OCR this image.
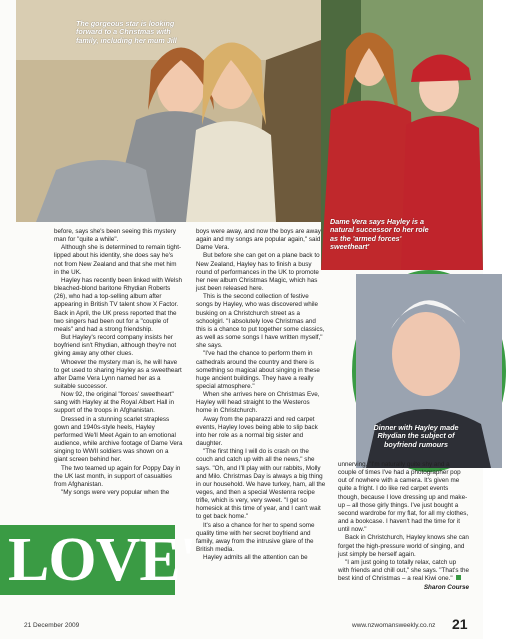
The gorgeous star is looking forward to a Christmas with family, including her mum Jill
Dame Vera says Hayley is a natural successor to her role as the 'armed forces' sweetheart'
Dinner with Hayley made Rhydian the subject of boyfriend rumours

before, says she's been seeing this mystery man for "quite a while".

Although she is determined to remain tight-lipped about his identity, she does say he's not from New Zealand and that she met him in the UK.

Hayley has recently been linked with Welsh bleached-blond baritone Rhydian Roberts (26), who had a top-selling album after appearing in British TV talent show X Factor. Back in April, the UK press reported that the two singers had been out for a "couple of meals" and had a strong friendship.

But Hayley's record company insists her boyfriend isn't Rhydian, although they're not giving away any other clues.

Whoever the mystery man is, he will have to get used to sharing Hayley as a sweetheart after Dame Vera Lynn named her as a suitable successor.

Now 92, the original "forces' sweetheart" sang with Hayley at the Royal Albert Hall in support of the troops in Afghanistan.

Dressed in a stunning scarlet strapless gown and 1940s-style heels, Hayley performed We'll Meet Again to an emotional audience, while archive footage of Dame Vera singing to WWII soldiers was shown on a giant screen behind her.

The two teamed up again for Poppy Day in the UK last month, in support of casualties from Afghanistan.

"My songs were very popular when the

boys were away, and now the boys are away again and my songs are popular again," said Dame Vera.

But before she can get on a plane back to New Zealand, Hayley has to finish a busy round of performances in the UK to promote her new album Christmas Magic, which has just been released here.

This is the second collection of festive songs by Hayley, who was discovered while busking on a Christchurch street as a schoolgirl. "I absolutely love Christmas and this is a chance to put together some classics, as well as some songs I have written myself," she says.

"I've had the chance to perform them in cathedrals around the country and there is something so magical about singing in these huge ancient buildings. They have a really special atmosphere."

When she arrives here on Christmas Eve, Hayley will head straight to the Westeros home in Christchurch.

Away from the paparazzi and red carpet events, Hayley loves being able to slip back into her role as a normal big sister and daughter.

"The first thing I will do is crash on the couch and catch up with all the news," she says. "Oh, and I'll play with our rabbits, Molly and Milo. Christmas Day is always a big thing in our household. We have turkey, ham, all the veges, and then a special Westenra recipe trifle, which is very, very sweet. "I get so homesick at this time of year, and I can't wait to get back home."

It's also a chance for her to spend some quality time with her secret boyfriend and family, away from the intrusive glare of the British media.

Hayley admits all the attention can be

unnerving. "I'm naturally quite shy and a couple of times I've had a photographer pop out of nowhere with a camera. It's given me quite a fright. I do like red carpet events though, because I love dressing up and make-up – all those girly things. I've just bought a second wardrobe for my flat, for all my clothes, and a bookcase. I haven't had the time for it until now."

Back in Christchurch, Hayley knows she can forget the high-pressure world of singing, and just simply be herself again.

"I am just going to totally relax, catch up with friends and chill out," she says. "That's the best kind of Christmas – a real Kiwi one."

Sharon Course
LOVE'
21 December 2009	www.nzwomansweekly.co.nz 21
